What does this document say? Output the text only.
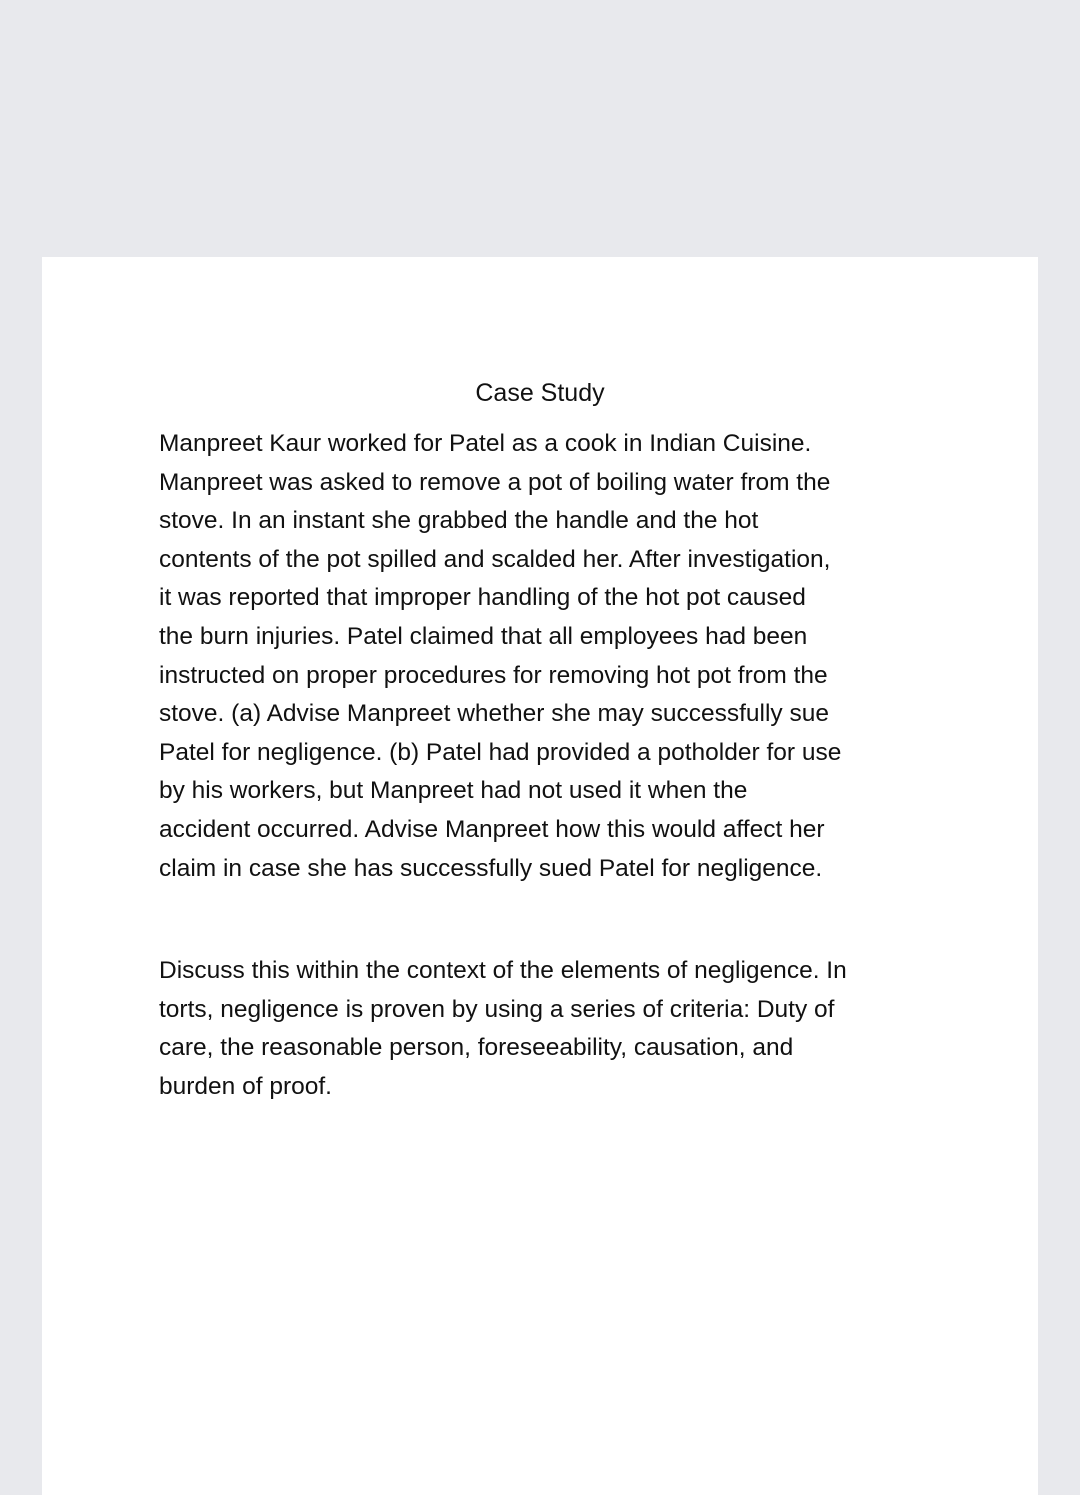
Case Study

Manpreet Kaur worked for Patel as a cook in Indian Cuisine.
Manpreet was asked to remove a pot of boiling water from the
stove. In an instant she grabbed the handle and the hot
contents of the pot spilled and scalded her. After investigation,
it was reported that improper handling of the hot pot caused
the burn injuries. Patel claimed that all employees had been
instructed on proper procedures for removing hot pot from the
stove. (a) Advise Manpreet whether she may successfully sue
Patel for negligence. (b) Patel had provided a potholder for use
by his workers, but Manpreet had not used it when the
accident occurred. Advise Manpreet how this would affect her
claim in case she has successfully sued Patel for negligence.

Discuss this within the context of the elements of negligence. In
torts, negligence is proven by using a series of criteria: Duty of
care, the reasonable person, foreseeability, causation, and
burden of proof.
